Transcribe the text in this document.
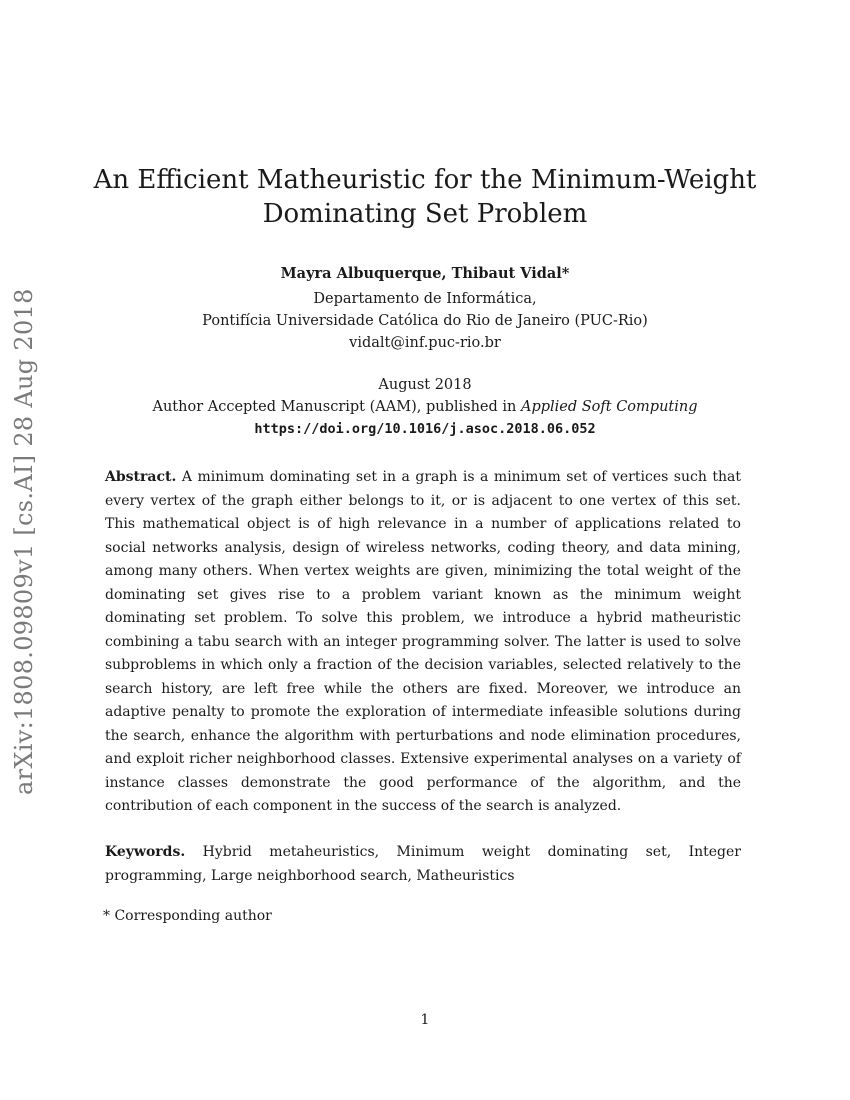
arXiv:1808.09809v1 [cs.AI] 28 Aug 2018
An Efficient Matheuristic for the Minimum-Weight
Dominating Set Problem
Mayra Albuquerque, Thibaut Vidal*
Departamento de Informática,
Pontifícia Universidade Católica do Rio de Janeiro (PUC-Rio)
vidalt@inf.puc-rio.br
August 2018
Author Accepted Manuscript (AAM), published in Applied Soft Computing
https://doi.org/10.1016/j.asoc.2018.06.052

Abstract. A minimum dominating set in a graph is a minimum set of vertices such that every vertex of the graph either belongs to it, or is adjacent to one vertex of this set. This mathematical object is of high relevance in a number of applications related to social networks analysis, design of wireless networks, coding theory, and data mining, among many others. When vertex weights are given, minimizing the total weight of the dominating set gives rise to a problem variant known as the minimum weight dominating set problem. To solve this problem, we introduce a hybrid matheuristic combining a tabu search with an integer programming solver. The latter is used to solve subproblems in which only a fraction of the decision variables, selected relatively to the search history, are left free while the others are fixed. Moreover, we introduce an adaptive penalty to promote the exploration of intermediate infeasible solutions during the search, enhance the algorithm with perturbations and node elimination procedures, and exploit richer neighborhood classes. Extensive experimental analyses on a variety of instance classes demonstrate the good performance of the algorithm, and the contribution of each component in the success of the search is analyzed.

Keywords. Hybrid metaheuristics, Minimum weight dominating set, Integer programming, Large neighborhood search, Matheuristics

* Corresponding author
1
